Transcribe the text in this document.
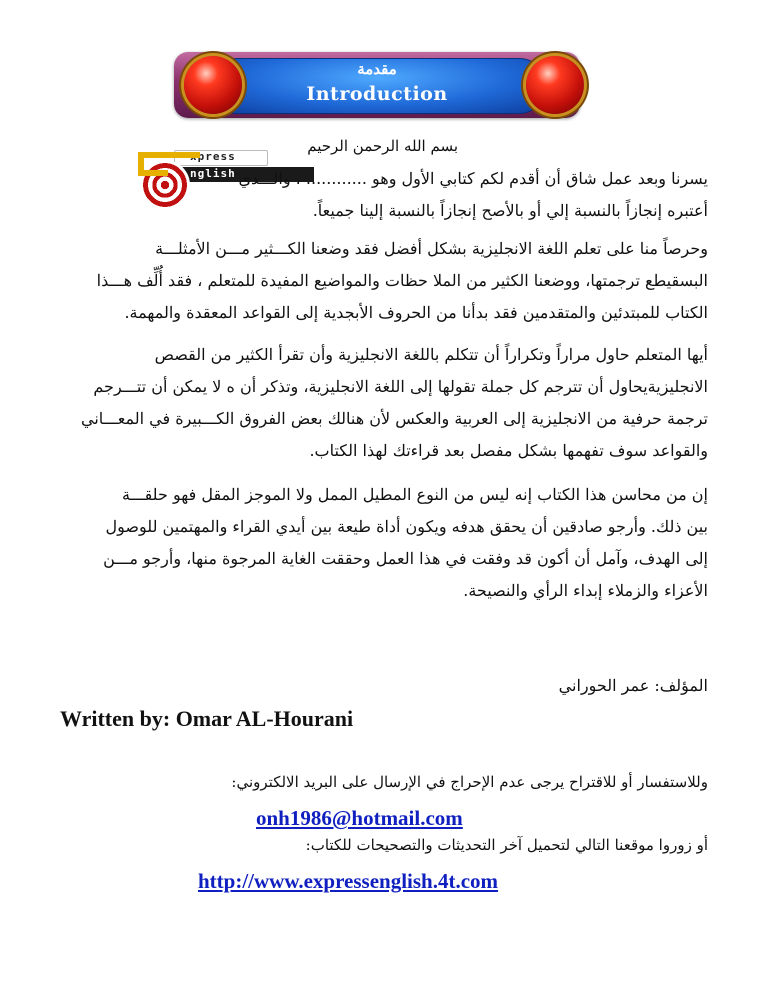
مقدمة
Introduction
بسم الله الرحمن الرحيم
xpress
nglish يسرنا وبعد عمل شاق أن أقدم لكم كتابي الأول وهو ............ ، والـــذي
أعتبره إنجازاً بالنسبة إلي أو بالأصح إنجازاً بالنسبة إلينا جميعاً.
وحرصاً منا على تعلم اللغة الانجليزية بشكل أفضل فقد وضعنا الكـــثير مـــن الأمثلـــة
البسقيطع ترجمتها، ووضعنا الكثير من الملا حظات والمواضيع المفيدة للمتعلم ، فقد أُلِّف هـــذا
الكتاب للمبتدئين والمتقدمين فقد بدأنا من الحروف الأبجدية إلى القواعد المعقدة والمهمة.
أيها المتعلم حاول مراراً وتكراراً أن تتكلم باللغة الانجليزية وأن تقرأ الكثير من القصص
الانجليزيةيحاول أن تترجم كل جملة تقولها إلى اللغة الانجليزية، وتذكر أن ه لا يمكن أن تتـــرجم
ترجمة حرفية من الانجليزية إلى العربية والعكس لأن هنالك بعض الفروق الكـــبيرة في المعـــاني
والقواعد سوف تفهمها بشكل مفصل بعد قراءتك لهذا الكتاب.
إن من محاسن هذا الكتاب إنه ليس من النوع المطيل الممل ولا الموجز المقل فهو حلقـــة
بين ذلك. وأرجو صادقين أن يحقق هدفه ويكون أداة طيعة بين أيدي القراء والمهتمين للوصول
إلى الهدف، وآمل أن أكون قد وفقت في هذا العمل وحققت الغاية المرجوة منها، وأرجو مـــن
الأعزاء والزملاء إبداء الرأي والنصيحة.
المؤلف: عمر الحوراني
Written by: Omar AL-Hourani
وللاستفسار أو للاقتراح يرجى عدم الإحراج في الإرسال على البريد الالكتروني:
onh1986@hotmail.com
أو زوروا موقعنا التالي لتحميل آخر التحديثات والتصحيحات للكتاب:
http://www.expressenglish.4t.com
